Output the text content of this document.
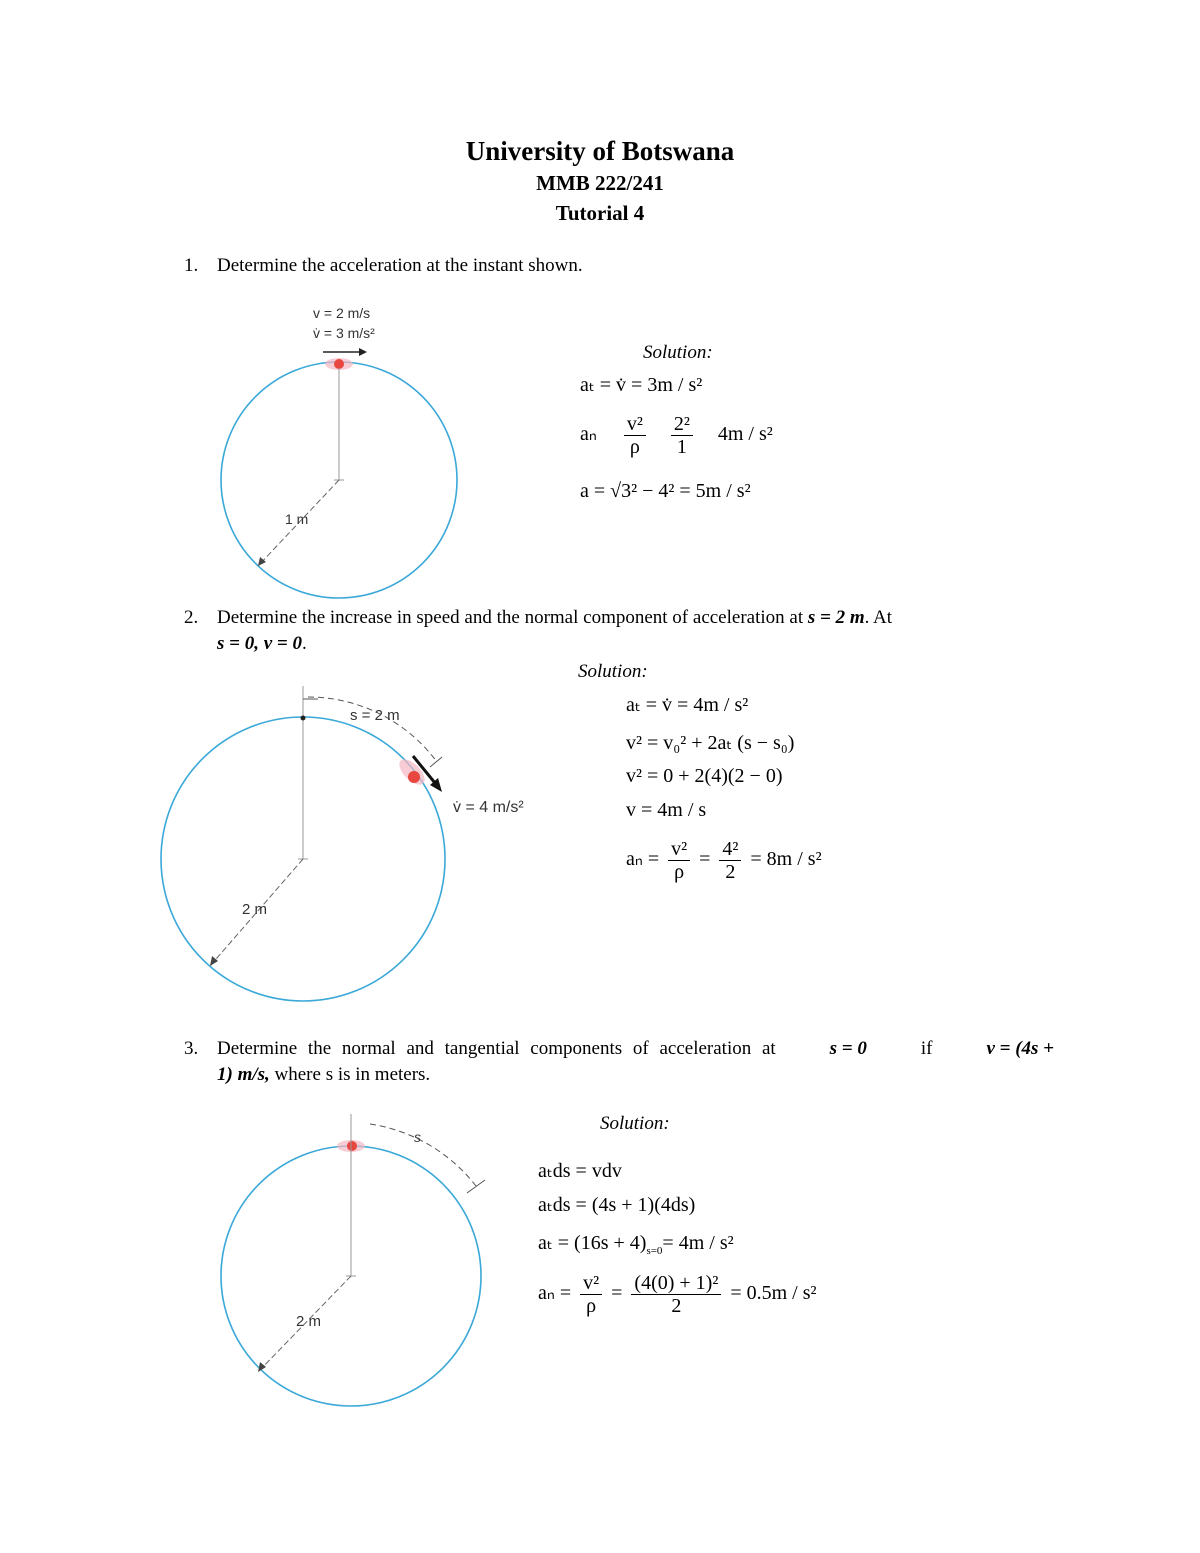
University of Botswana
MMB 222/241
Tutorial 4
1. Determine the acceleration at the instant shown.
v = 2 m/s
v̇ = 3 m/s²
1 m
Solution:
aₜ = v̇ = 3m / s²
aₙ $\frac{\text{v²}}{\rho}$
$\frac{\text{2²}}{1} 4m / s^2$
a = √3² − 4² = 5m / s²
2. Determine the increase in speed and the normal component of acceleration at s = 2 m. At
s = 0, v = 0.
s = 2 m
v̇ = 4 m/s²
2 m
Solution:
aₜ = v̇ = 4m / s²
v² = v₀² + 2aₜ (s − s₀)
v² = 0 + 2(4)(2 − 0)
v = 4m / s
$a_n = \frac{\text{v²}}{\rho} = \frac{\text{4²}}{2} = 8m / s^2$
3. Determine the normal and tangential components of acceleration at	s = 0	if	v = (4s +
1) m/s, where s is in meters.
s
2 m
Solution:
aₜds = vdv
aₜds = (4s + 1)(4ds)
$a_t = (16s + 4)_{s=0}= 4m / s^2$
$a_n = \frac{\text{v²}}{\rho} = \frac{\text{(4(0) + 1)²}}{2} = 0.5m / s^2$
